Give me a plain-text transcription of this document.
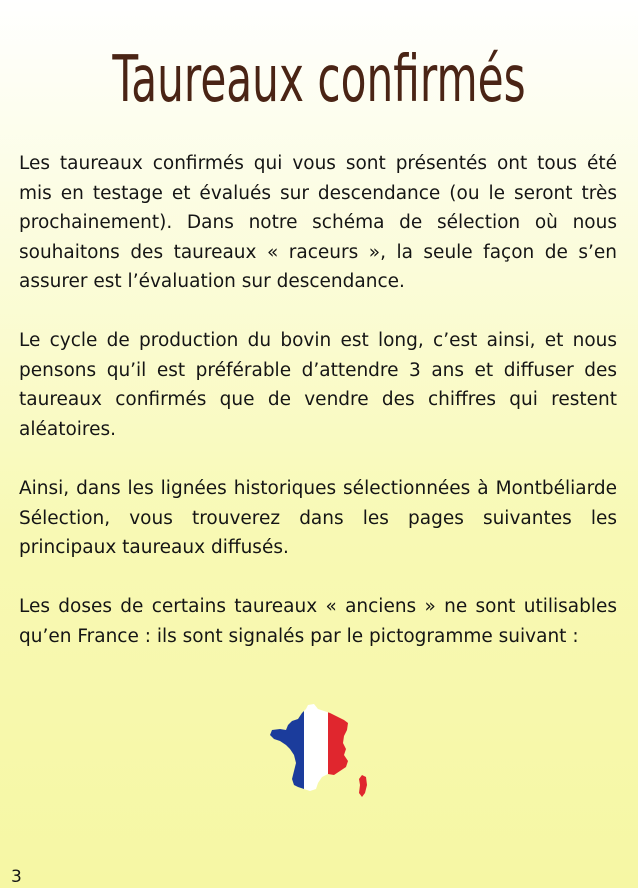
Taureaux confirmés

Les taureaux confirmés qui vous sont présentés ont tous été mis en testage et évalués sur descendance (ou le seront très prochainement). Dans notre schéma de sélection où nous souhaitons des taureaux « raceurs », la seule façon de s’en assurer est l’évaluation sur descendance.

Le cycle de production du bovin est long, c’est ainsi, et nous pensons qu’il est préférable d’attendre 3 ans et diffuser des taureaux confirmés que de vendre des chiffres qui restent aléatoires.

Ainsi, dans les lignées historiques sélectionnées à Montbéliarde Sélection, vous trouverez dans les pages suivantes les principaux taureaux diffusés.

Les doses de certains taureaux « anciens » ne sont utilisables qu’en France : ils sont signalés par le pictogramme suivant :

3
